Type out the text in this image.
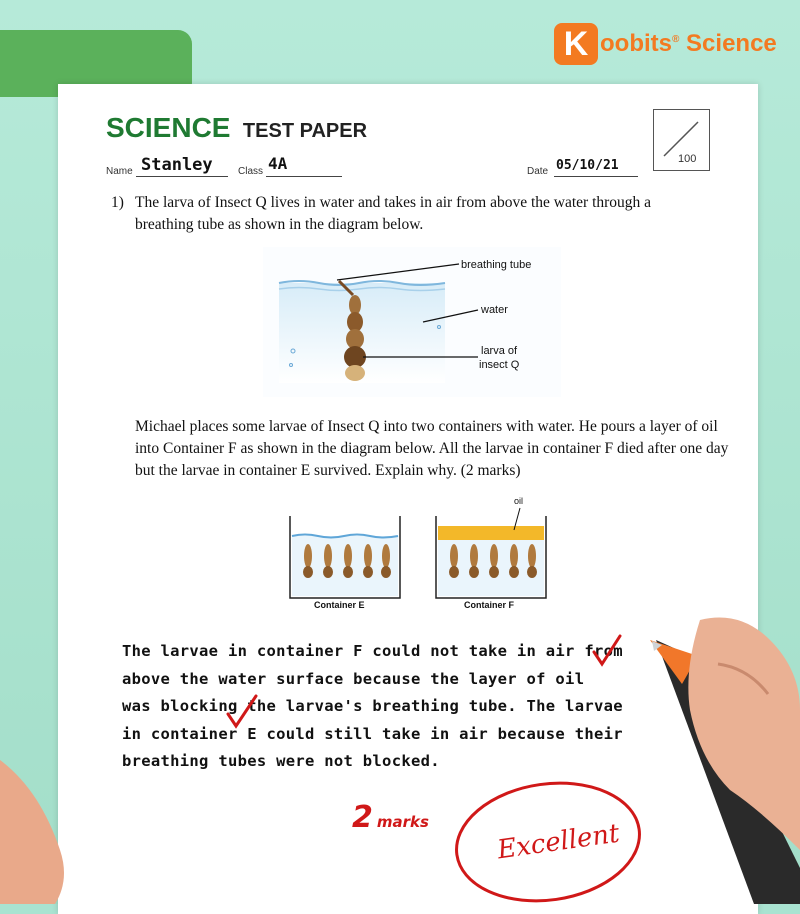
K oobits® Science
SCIENCE TEST PAPER
Name Stanley	Class 4A	Date 05/10/21	100
1) The larva of Insect Q lives in water and takes in air from above the water through a breathing tube as shown in the diagram below.
breathing tube
water
larva of
insect Q
Michael places some larvae of Insect Q into two containers with water. He pours a layer of oil into Container F as shown in the diagram below. All the larvae in container F died after one day but the larvae in container E survived. Explain why. (2 marks)
Container E
oil
Container F
The larvae in container F could not take in air from
above the water surface because the layer of oil
was blocking the larvae's breathing tube. The larvae
in container E could still take in air because their
breathing tubes were not blocked.
2 marks	Excellent
